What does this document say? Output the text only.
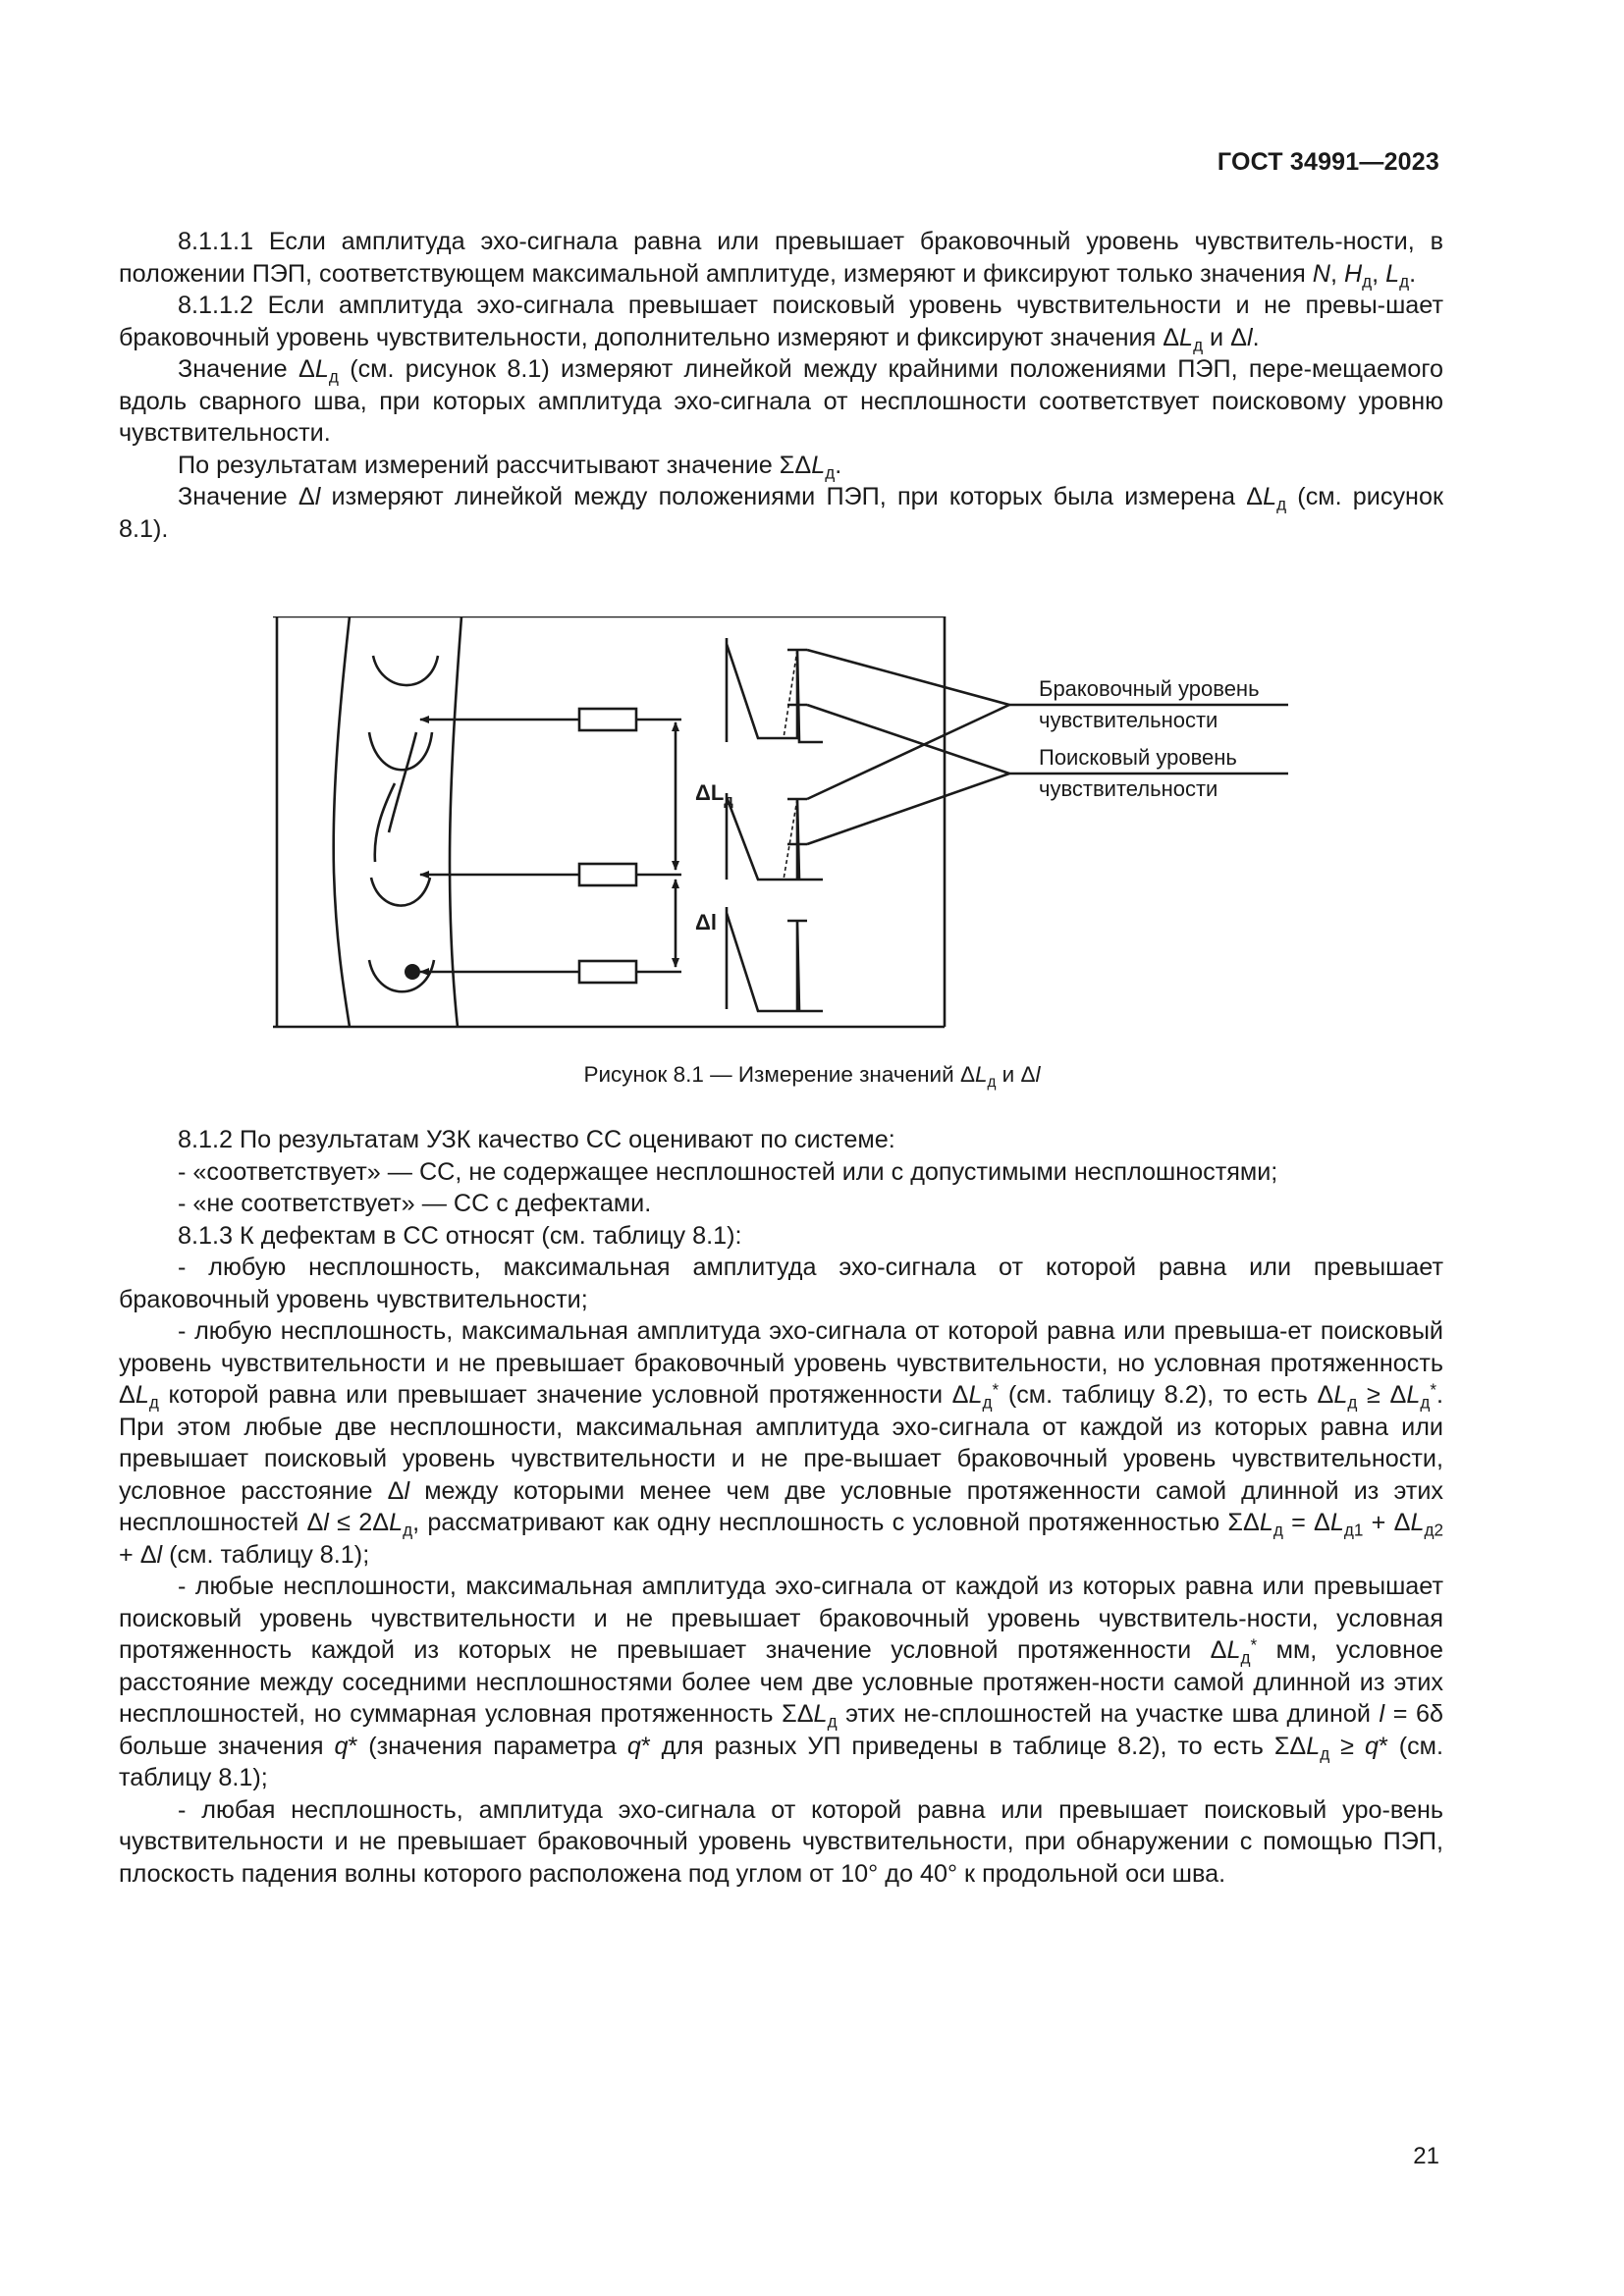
ГОСТ 34991—2023

8.1.1.1 Если амплитуда эхо-сигнала равна или превышает браковочный уровень чувствитель-ности, в положении ПЭП, соответствующем максимальной амплитуде, измеряют и фиксируют только значения N, $H_д$, $L_д$.

8.1.1.2 Если амплитуда эхо-сигнала превышает поисковый уровень чувствительности и не превы-шает браковочный уровень чувствительности, дополнительно измеряют и фиксируют значения $\Delta L_д$ и Δl.

Значение $\Delta L_д$ (см. рисунок 8.1) измеряют линейкой между крайними положениями ПЭП, пере-мещаемого вдоль сварного шва, при которых амплитуда эхо-сигнала от несплошности соответствует поисковому уровню чувствительности.

По результатам измерений рассчитывают значение $\Sigma\Delta L_д$.

Значение Δl измеряют линейкой между положениями ПЭП, при которых была измерена $\Delta L_д$ (см. рисунок 8.1).

$\Delta L_д$
Δl
Браковочный уровень
чувствительности
Поисковый уровень
чувствительности
Рисунок 8.1 — Измерение значений $\Delta L_д$ и Δl

8.1.2 По результатам УЗК качество СС оценивают по системе:

- «соответствует» — СС, не содержащее несплошностей или с допустимыми несплошностями;

- «не соответствует» — СС с дефектами.

8.1.3 К дефектам в СС относят (см. таблицу 8.1):

- любую несплошность, максимальная амплитуда эхо-сигнала от которой равна или превышает браковочный уровень чувствительности;

- любую несплошность, максимальная амплитуда эхо-сигнала от которой равна или превыша-ет поисковый уровень чувствительности и не превышает браковочный уровень чувствительности, но условная протяженность $\Delta L_д$ которой равна или превышает значение условной протяженности $\Delta L_д^*$ (см. таблицу 8.2), то есть $\Delta L_д \ge \Delta L_д^*$. При этом любые две несплошности, максимальная амплитуда эхо-сигнала от каждой из которых равна или превышает поисковый уровень чувствительности и не пре-вышает браковочный уровень чувствительности, условное расстояние Δl между которыми менее чем две условные протяженности самой длинной из этих несплошностей $\Delta l \le 2\Delta L_д$, рассматривают как одну несплошность с условной протяженностью $\Sigma\Delta L_д = \Delta L_{д1} + \Delta L_{д2} + \Delta l$ (см. таблицу 8.1);

- любые несплошности, максимальная амплитуда эхо-сигнала от каждой из которых равна или превышает поисковый уровень чувствительности и не превышает браковочный уровень чувствитель-ности, условная протяженность каждой из которых не превышает значение условной протяженности $\Delta L_д^*$ мм, условное расстояние между соседними несплошностями более чем две условные протяжен-ности самой длинной из этих несплошностей, но суммарная условная протяженность $\Sigma\Delta L_д$ этих не-сплошностей на участке шва длиной l = 6δ больше значения q* (значения параметра q* для разных УП приведены в таблице 8.2), то есть $\Sigma\Delta L_д \ge q*$ (см. таблицу 8.1);

- любая несплошность, амплитуда эхо-сигнала от которой равна или превышает поисковый уро-вень чувствительности и не превышает браковочный уровень чувствительности, при обнаружении с помощью ПЭП, плоскость падения волны которого расположена под углом от 10° до 40° к продольной оси шва.

21
